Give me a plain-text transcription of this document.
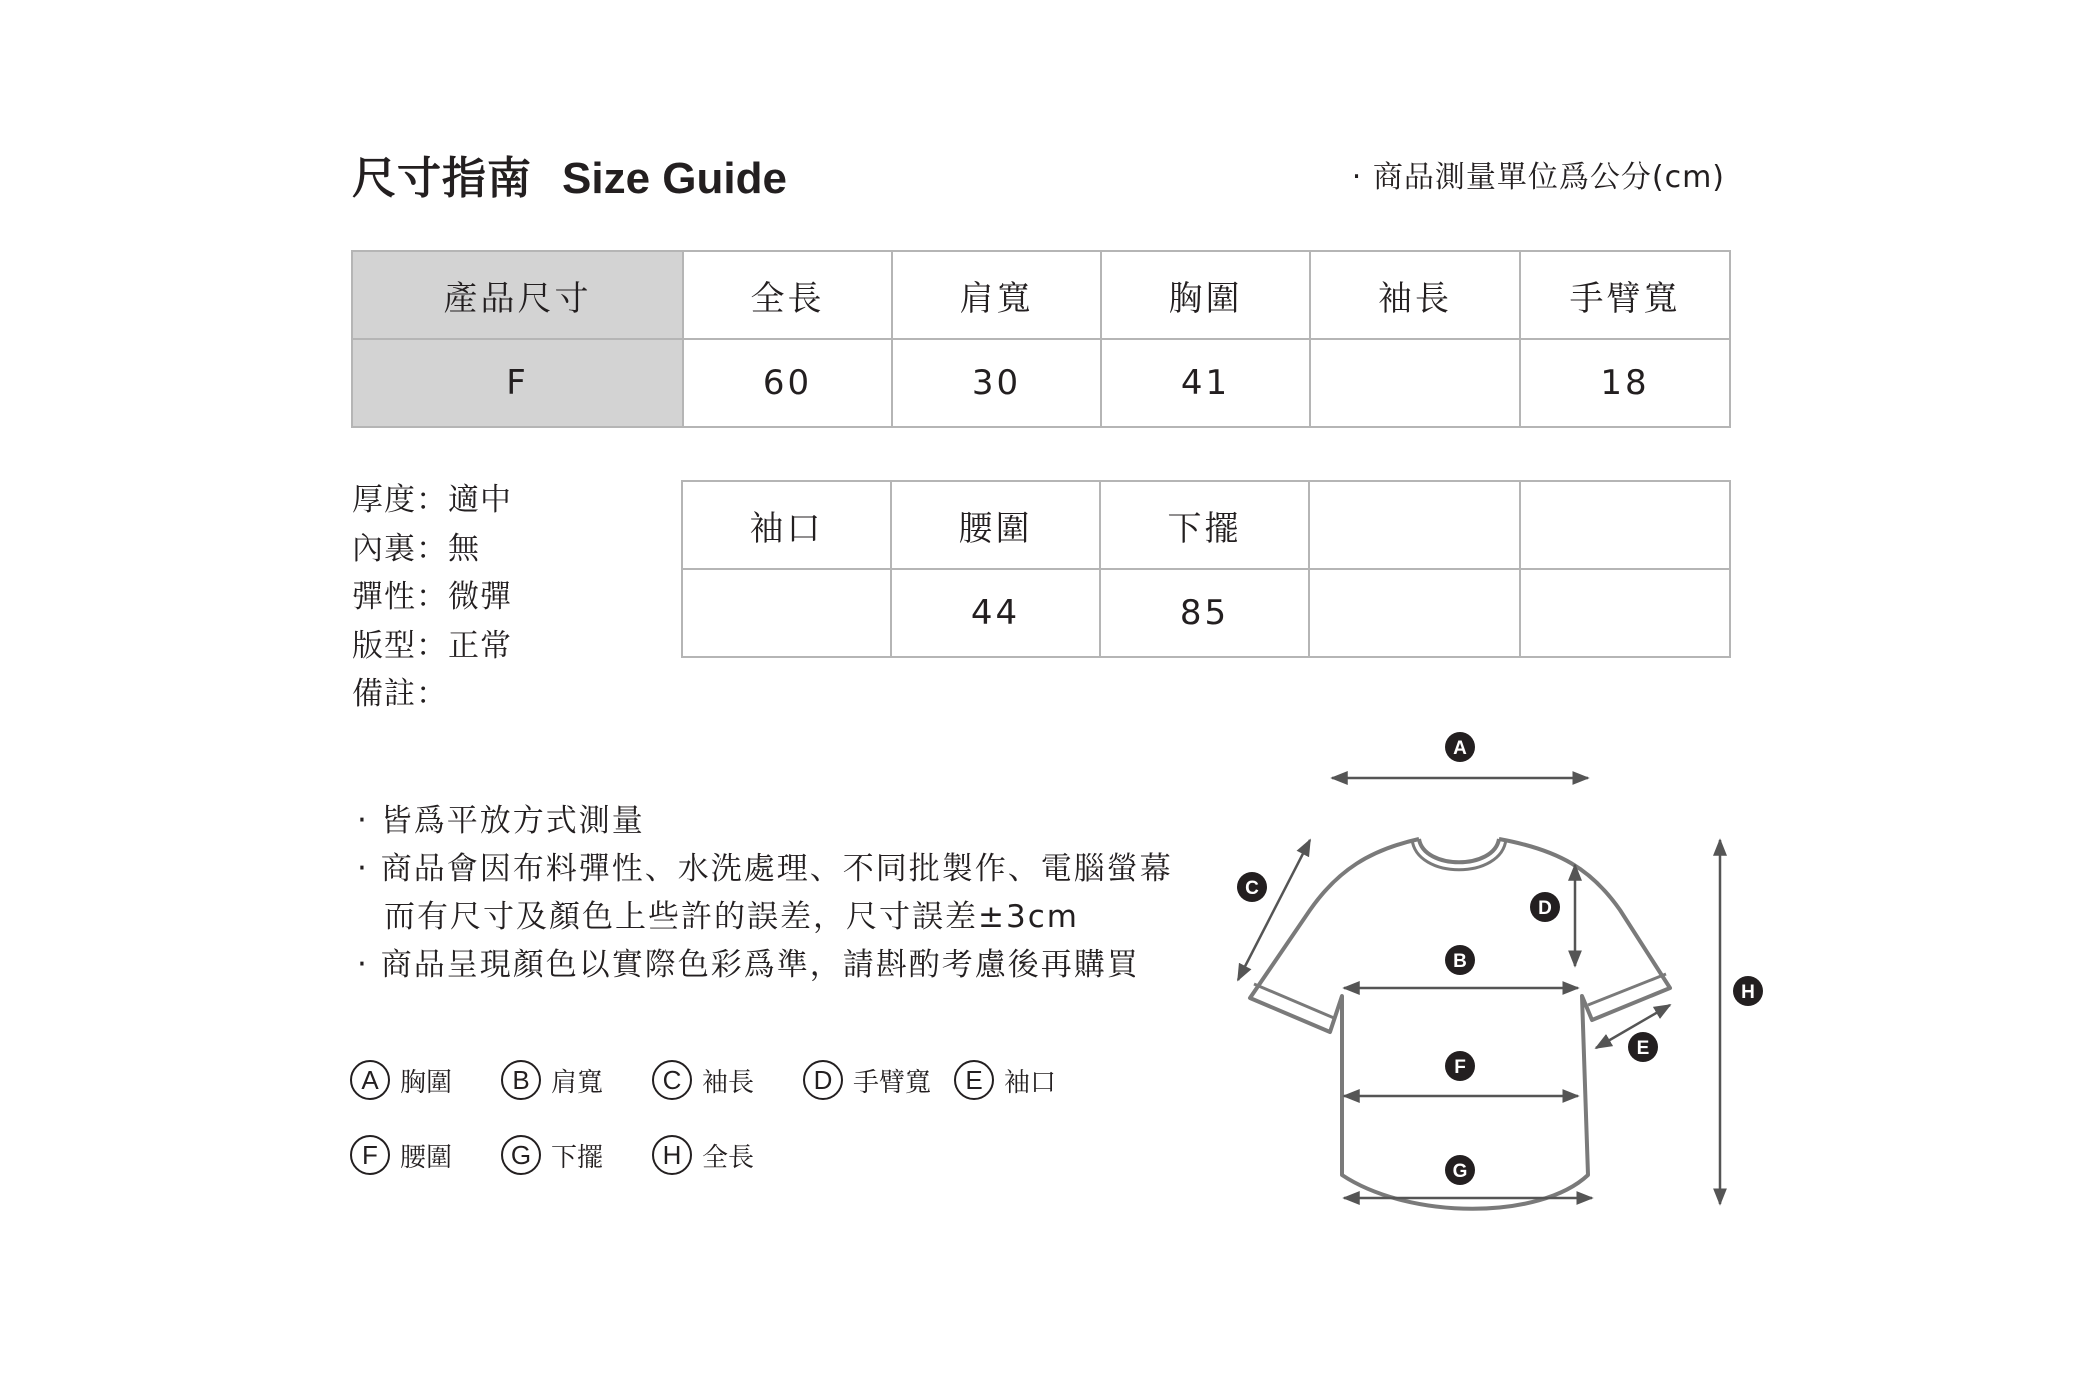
尺寸指南 Size Guide	‧ 商品測量單位爲公分(cm)
產品尺寸	全長	肩寬	胸圍	袖長	手臂寬
F	60	30	41		18
袖口	腰圍	下擺		
	44	85		
厚度：適中
內裏：無
彈性：微彈
版型：正常
備註：
‧ 皆爲平放方式測量
‧ 商品會因布料彈性、水洗處理、不同批製作、電腦螢幕
而有尺寸及顏色上些許的誤差，尺寸誤差±3cm
‧ 商品呈現顏色以實際色彩爲準，請斟酌考慮後再購買
A 胸圍	B 肩寬	C 袖長	D 手臂寬	E 袖口
F 腰圍	G 下擺	H 全長
A
B
C
D
E
F
G
H
